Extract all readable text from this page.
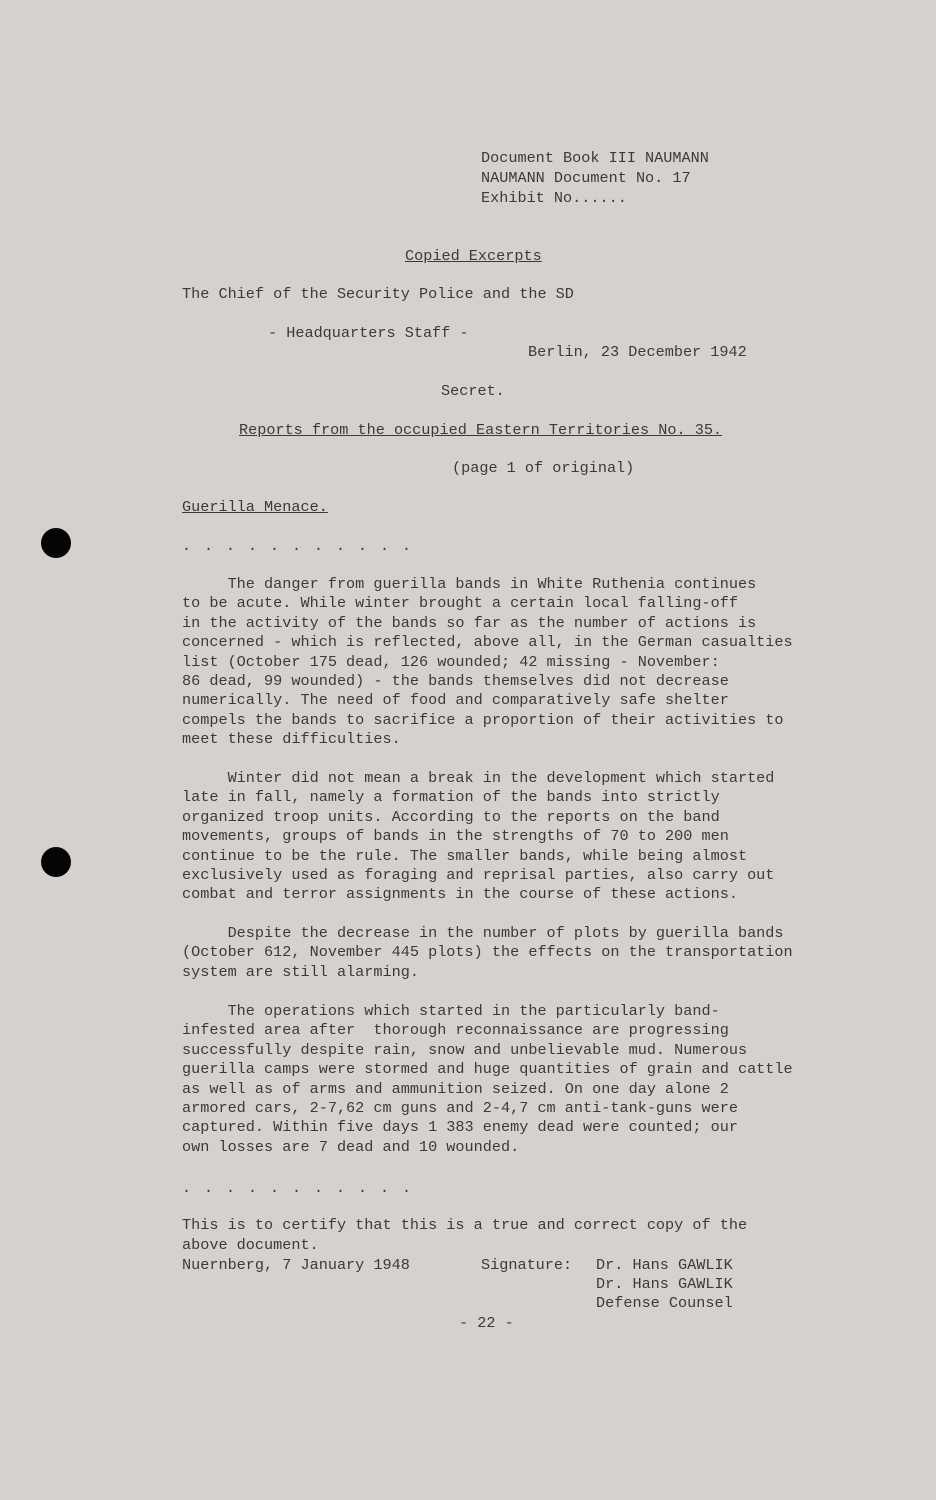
Document Book III NAUMANN
NAUMANN Document No. 17
Exhibit No......
Copied Excerpts
The Chief of the Security Police and the SD
- Headquarters Staff -
Berlin, 23 December 1942
Secret.
Reports from the occupied Eastern Territories No. 35.
(page 1 of original)
Guerilla Menace.
. . . . . . . . . . .
The danger from guerilla bands in White Ruthenia continues
to be acute. While winter brought a certain local falling-off
in the activity of the bands so far as the number of actions is
concerned - which is reflected, above all, in the German casualties
list (October 175 dead, 126 wounded; 42 missing - November:
86 dead, 99 wounded) - the bands themselves did not decrease
numerically. The need of food and comparatively safe shelter
compels the bands to sacrifice a proportion of their activities to
meet these difficulties.
Winter did not mean a break in the development which started
late in fall, namely a formation of the bands into strictly
organized troop units. According to the reports on the band
movements, groups of bands in the strengths of 70 to 200 men
continue to be the rule. The smaller bands, while being almost
exclusively used as foraging and reprisal parties, also carry out
combat and terror assignments in the course of these actions.
Despite the decrease in the number of plots by guerilla bands
(October 612, November 445 plots) the effects on the transportation
system are still alarming.
The operations which started in the particularly band-
infested area after  thorough reconnaissance are progressing
successfully despite rain, snow and unbelievable mud. Numerous
guerilla camps were stormed and huge quantities of grain and cattle
as well as of arms and ammunition seized. On one day alone 2
armored cars, 2-7,62 cm guns and 2-4,7 cm anti-tank-guns were
captured. Within five days 1 383 enemy dead were counted; our
own losses are 7 dead and 10 wounded.
. . . . . . . . . . .
This is to certify that this is a true and correct copy of the
above document.
Nuernberg, 7 January 1948	Signature: Dr. Hans GAWLIK
Dr. Hans GAWLIK
Defense Counsel
- 22 -
